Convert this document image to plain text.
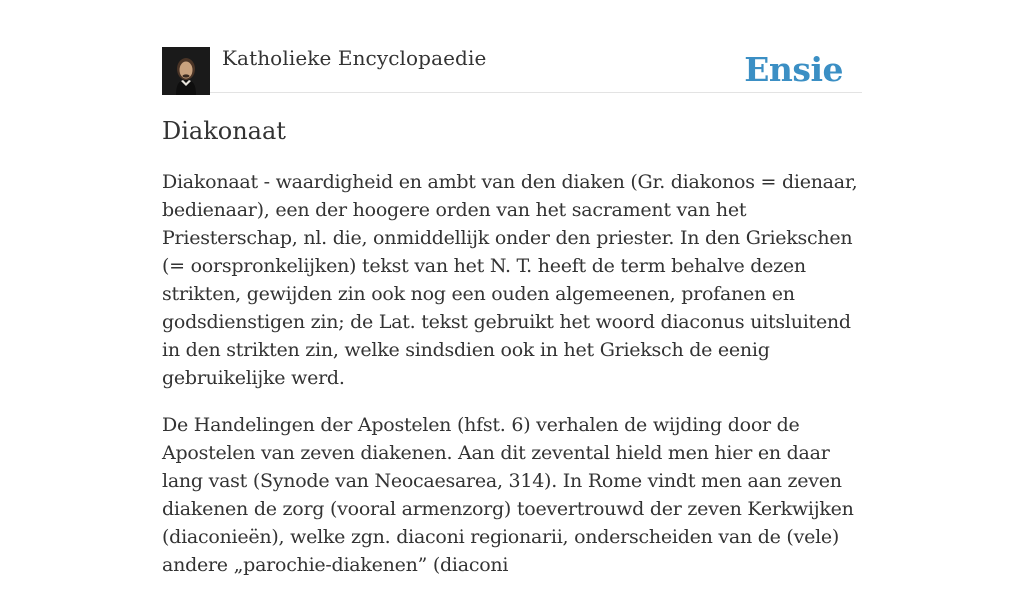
Katholieke Encyclopaedie	Ensie
Diakonaat

Diakonaat - waardigheid en ambt van den diaken (Gr. diakonos = dienaar, bedienaar), een der hoogere orden van het sacrament van het Priesterschap, nl. die, onmiddellijk onder den priester. In den Griekschen (= oorspronkelijken) tekst van het N. T. heeft de term behalve dezen strikten, gewijden zin ook nog een ouden algemeenen, profanen en godsdienstigen zin; de Lat. tekst gebruikt het woord diaconus uitsluitend in den strikten zin, welke sindsdien ook in het Grieksch de eenig gebruikelijke werd.

De Handelingen der Apostelen (hfst. 6) verhalen de wijding door de Apostelen van zeven diakenen. Aan dit zevental hield men hier en daar lang vast (Synode van Neocaesarea, 314). In Rome vindt men aan zeven diakenen de zorg (vooral armenzorg) toevertrouwd der zeven Kerkwijken (diaconieën), welke zgn. diaconi regionarii, onderscheiden van de (vele) andere „parochie-diakenen” (diaconi
